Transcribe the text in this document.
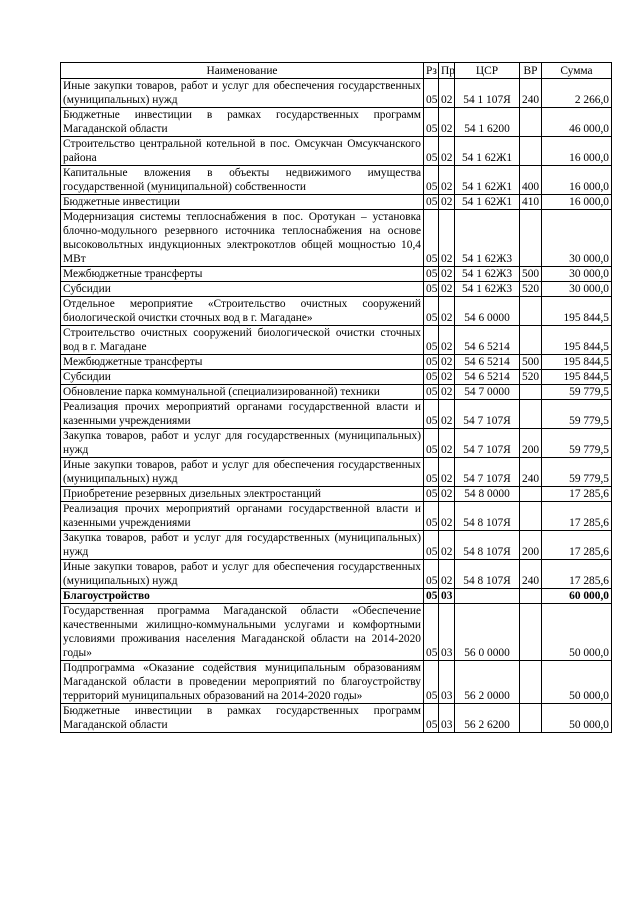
Наименование	Рз	Пр	ЦСР	ВР	Сумма
Иные закупки товаров, работ и услуг для обеспечения государственных (муниципальных) нужд	05	02	54 1 107Я	240	2 266,0
Бюджетные инвестиции в рамках государственных программ Магаданской области	05	02	54 1 6200		46 000,0
Строительство центральной котельной в пос. Омсукчан Омсукчанского района	05	02	54 1 62Ж1		16 000,0
Капитальные вложения в объекты недвижимого имущества государственной (муниципальной) собственности	05	02	54 1 62Ж1	400	16 000,0
Бюджетные инвестиции	05	02	54 1 62Ж1	410	16 000,0
Модернизация системы теплоснабжения в пос. Оротукан – установка блочно-модульного резервного источника теплоснабжения на основе высоковольтных индукционных электрокотлов общей мощностью 10,4 МВт	05	02	54 1 62Ж3		30 000,0
Межбюджетные трансферты	05	02	54 1 62Ж3	500	30 000,0
Субсидии	05	02	54 1 62Ж3	520	30 000,0
Отдельное мероприятие «Строительство очистных сооружений биологической очистки сточных вод в г. Магадане»	05	02	54 6 0000		195 844,5
Строительство очистных сооружений биологической очистки сточных вод в г. Магадане	05	02	54 6 5214		195 844,5
Межбюджетные трансферты	05	02	54 6 5214	500	195 844,5
Субсидии	05	02	54 6 5214	520	195 844,5
Обновление парка коммунальной (специализированной) техники	05	02	54 7 0000		59 779,5
Реализация прочих мероприятий органами государственной власти и казенными учреждениями	05	02	54 7 107Я		59 779,5
Закупка товаров, работ и услуг для государственных (муниципальных) нужд	05	02	54 7 107Я	200	59 779,5
Иные закупки товаров, работ и услуг для обеспечения государственных (муниципальных) нужд	05	02	54 7 107Я	240	59 779,5
Приобретение резервных дизельных электростанций	05	02	54 8 0000		17 285,6
Реализация прочих мероприятий органами государственной власти и казенными учреждениями	05	02	54 8 107Я		17 285,6
Закупка товаров, работ и услуг для государственных (муниципальных) нужд	05	02	54 8 107Я	200	17 285,6
Иные закупки товаров, работ и услуг для обеспечения государственных (муниципальных) нужд	05	02	54 8 107Я	240	17 285,6
Благоустройство	05	03			60 000,0
Государственная программа Магаданской области «Обеспечение качественными жилищно-коммунальными услугами и комфортными условиями проживания населения Магаданской области на 2014-2020 годы»	05	03	56 0 0000		50 000,0
Подпрограмма «Оказание содействия муниципальным образованиям Магаданской области в проведении мероприятий по благоустройству территорий муниципальных образований на 2014-2020 годы»	05	03	56 2 0000		50 000,0
Бюджетные инвестиции в рамках государственных программ Магаданской области	05	03	56 2 6200		50 000,0
